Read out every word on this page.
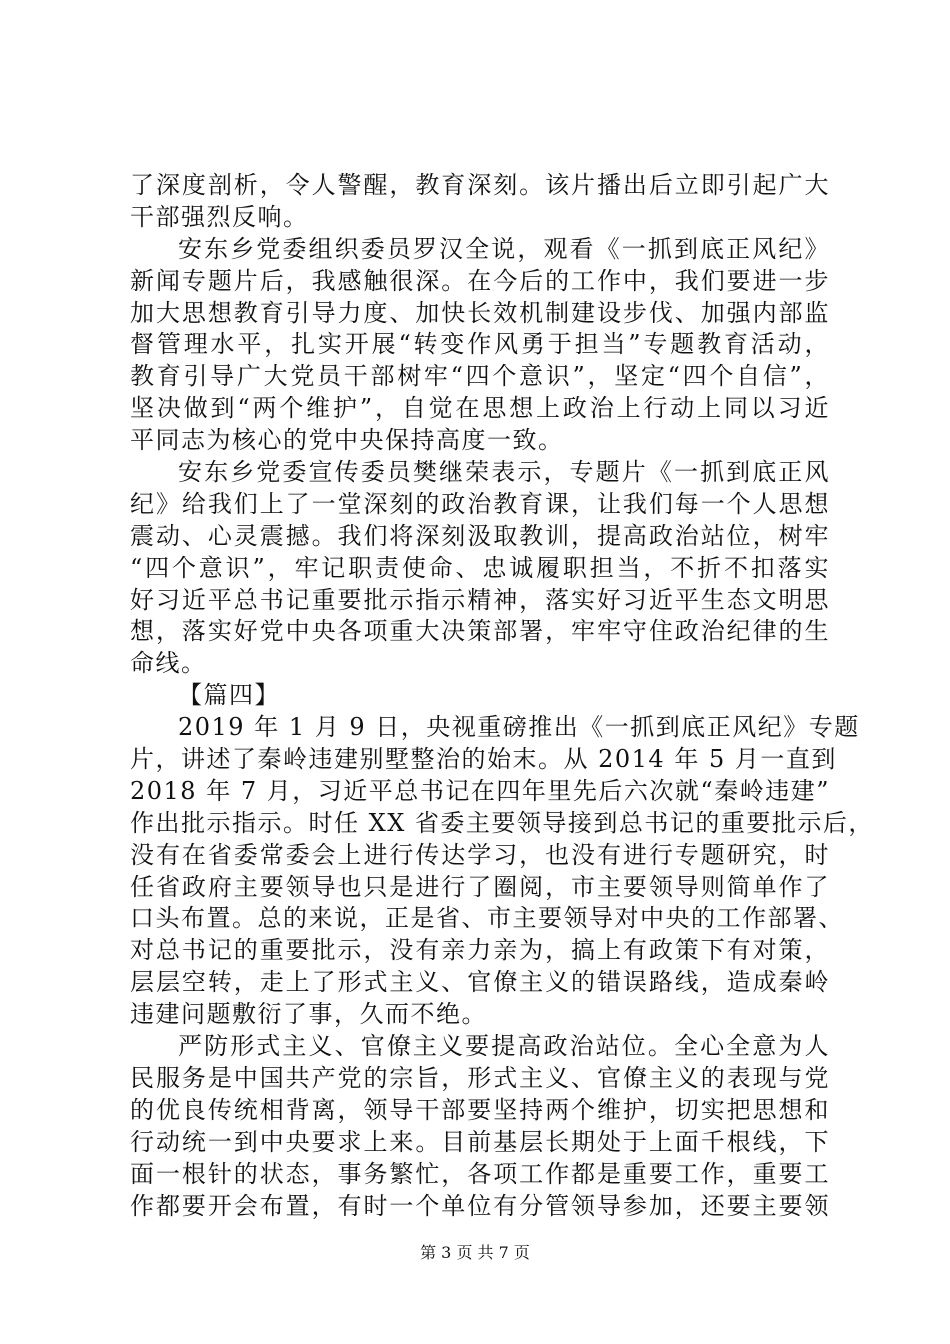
了深度剖析，令人警醒，教育深刻。该片播出后立即引起广大
干部强烈反响。
安东乡党委组织委员罗汉全说，观看《一抓到底正风纪》
新闻专题片后，我感触很深。在今后的工作中，我们要进一步
加大思想教育引导力度、加快长效机制建设步伐、加强内部监
督管理水平，扎实开展“转变作风勇于担当”专题教育活动，
教育引导广大党员干部树牢“四个意识”，坚定“四个自信”，
坚决做到“两个维护”，自觉在思想上政治上行动上同以习近
平同志为核心的党中央保持高度一致。
安东乡党委宣传委员樊继荣表示，专题片《一抓到底正风
纪》给我们上了一堂深刻的政治教育课，让我们每一个人思想
震动、心灵震撼。我们将深刻汲取教训，提高政治站位，树牢
“四个意识”，牢记职责使命、忠诚履职担当，不折不扣落实
好习近平总书记重要批示指示精神，落实好习近平生态文明思
想，落实好党中央各项重大决策部署，牢牢守住政治纪律的生
命线。
【篇四】
2019 年 1 月 9 日，央视重磅推出《一抓到底正风纪》专题
片，讲述了秦岭违建别墅整治的始末。从 2014 年 5 月一直到
2018 年 7 月，习近平总书记在四年里先后六次就“秦岭违建”
作出批示指示。时任 XX 省委主要领导接到总书记的重要批示后，
没有在省委常委会上进行传达学习，也没有进行专题研究，时
任省政府主要领导也只是进行了圈阅，市主要领导则简单作了
口头布置。总的来说，正是省、市主要领导对中央的工作部署、
对总书记的重要批示，没有亲力亲为，搞上有政策下有对策，
层层空转，走上了形式主义、官僚主义的错误路线，造成秦岭
违建问题敷衍了事，久而不绝。
严防形式主义、官僚主义要提高政治站位。全心全意为人
民服务是中国共产党的宗旨，形式主义、官僚主义的表现与党
的优良传统相背离，领导干部要坚持两个维护，切实把思想和
行动统一到中央要求上来。目前基层长期处于上面千根线，下
面一根针的状态，事务繁忙，各项工作都是重要工作，重要工
作都要开会布置，有时一个单位有分管领导参加，还要主要领
第 3 页 共 7 页
